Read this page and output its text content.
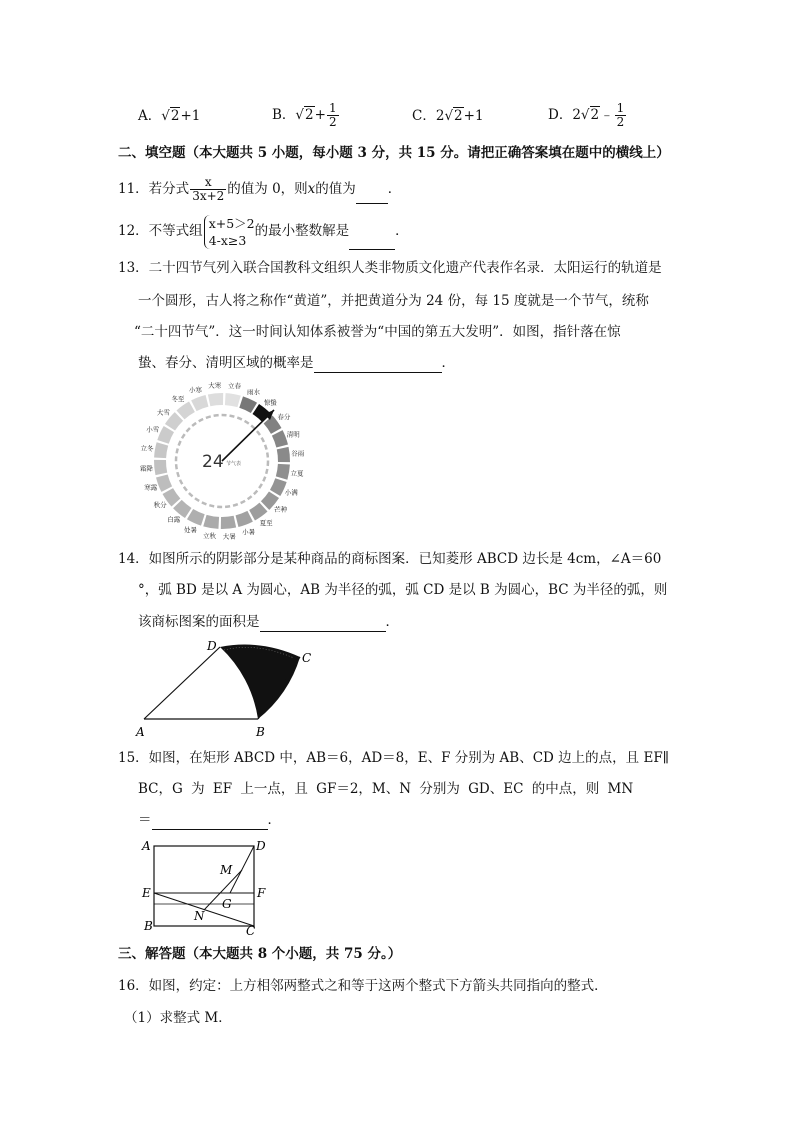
A．√2+1	B．$√2+ \frac{1}{2}$	C．2√2+1	D．2√2﹣ $\frac{1}{2}$
二、填空题（本大题共 5 小题，每小题 3 分，共 15 分。请把正确答案填在题中的横线上）
11．若分式 $\frac{x}{3x+2}$ 的值为 0，则x的值为 ．
12．不等式组 x+5＞2
4-x≥3
的最小整数解是	．
13．二十四节气列入联合国教科文组织人类非物质文化遗产代表作名录．太阳运行的轨道是
一个圆形，古人将之称作“黄道”，并把黄道分为 24 份，每 15 度就是一个节气，统称
“二十四节气”．这一时间认知体系被誉为“中国的第五大发明”．如图，指针落在惊
蛰、春分、清明区域的概率是	．
立春
雨水
惊蛰
春分
清明
谷雨
立夏
小满
芒种
夏至
小暑
大暑
立秋
处暑
白露
秋分
寒露
霜降
立冬
小雪
大雪
冬至
小寒
大寒
24 节气表
14．如图所示的阴影部分是某种商品的商标图案．已知菱形 ABCD 边长是 4cm，∠A＝60
°，弧 BD 是以 A 为圆心，AB 为半径的弧，弧 CD 是以 B 为圆心，BC 为半径的弧，则
该商标图案的面积是	．
A	B
C
D
15．如图，在矩形 ABCD 中，AB＝6，AD＝8，E、F 分别为 AB、CD 边上的点，且 EF∥
BC，G 为 EF 上一点，且 GF＝2，M、N 分别为 GD、EC 的中点，则 MN
＝	．
A	D
E	F
B	C
G
M
N
三、解答题（本大题共 8 个小题，共 75 分。）
16．如图，约定：上方相邻两整式之和等于这两个整式下方箭头共同指向的整式．
（1）求整式 M．
